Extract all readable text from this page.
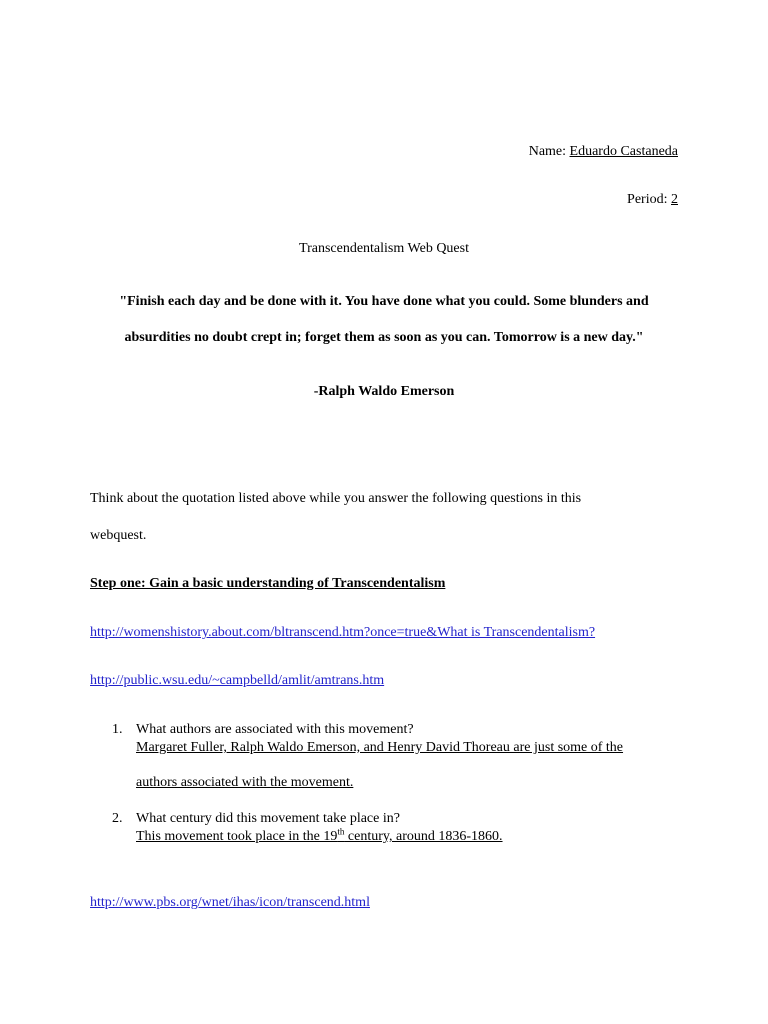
Name: Eduardo Castaneda
Period: 2
Transcendentalism Web Quest
"Finish each day and be done with it. You have done what you could. Some blunders and
absurdities no doubt crept in; forget them as soon as you can. Tomorrow is a new day."
-Ralph Waldo Emerson
Think about the quotation listed above while you answer the following questions in this
webquest.
Step one: Gain a basic understanding of Transcendentalism
http://womenshistory.about.com/bltranscend.htm?once=true&What is Transcendentalism?
http://public.wsu.edu/~campbelld/amlit/amtrans.htm
1. What authors are associated with this movement?
Margaret Fuller, Ralph Waldo Emerson, and Henry David Thoreau are just some of the
authors associated with the movement.
2. What century did this movement take place in?
This movement took place in the 19th century, around 1836-1860.
http://www.pbs.org/wnet/ihas/icon/transcend.html
